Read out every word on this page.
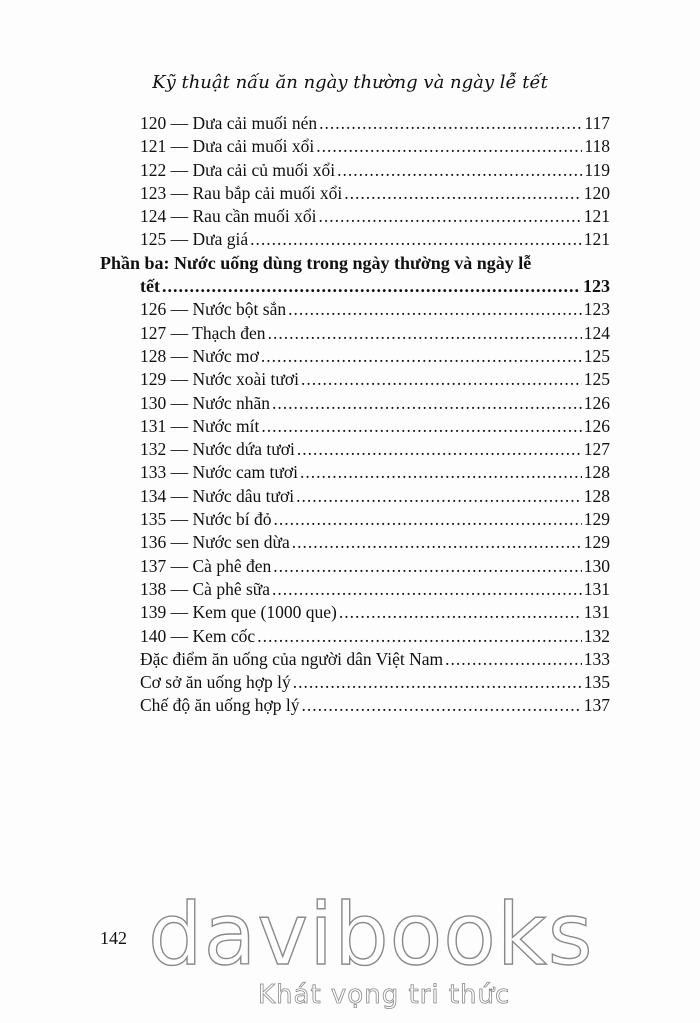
Kỹ thuật nấu ăn ngày thường và ngày lễ tết
120 — Dưa cải muối nén .....	117
121 — Dưa cải muối xổi .....	118
122 — Dưa cải củ muối xổi .....	119
123 — Rau bắp cải muối xổi .....	120
124 — Rau cần muối xổi .....	121
125 — Dưa giá .....	121
Phần ba: Nước uống dùng trong ngày thường và ngày lễ
tết .....	123
126 — Nước bột sắn .....	123
127 — Thạch đen .....	124
128 — Nước mơ .....	125
129 — Nước xoài tươi .....	125
130 — Nước nhãn .....	126
131 — Nước mít .....	126
132 — Nước dứa tươi .....	127
133 — Nước cam tươi .....	128
134 — Nước dâu tươi .....	128
135 — Nước bí đỏ .....	129
136 — Nước sen dừa .....	129
137 — Cà phê đen .....	130
138 — Cà phê sữa .....	131
139 — Kem que (1000 que) .....	131
140 — Kem cốc .....	132
Đặc điểm ăn uống của người dân Việt Nam .....	133
Cơ sở ăn uống hợp lý .....	135
Chế độ ăn uống hợp lý .....	137
142 davibooks
Khát vọng tri thức
